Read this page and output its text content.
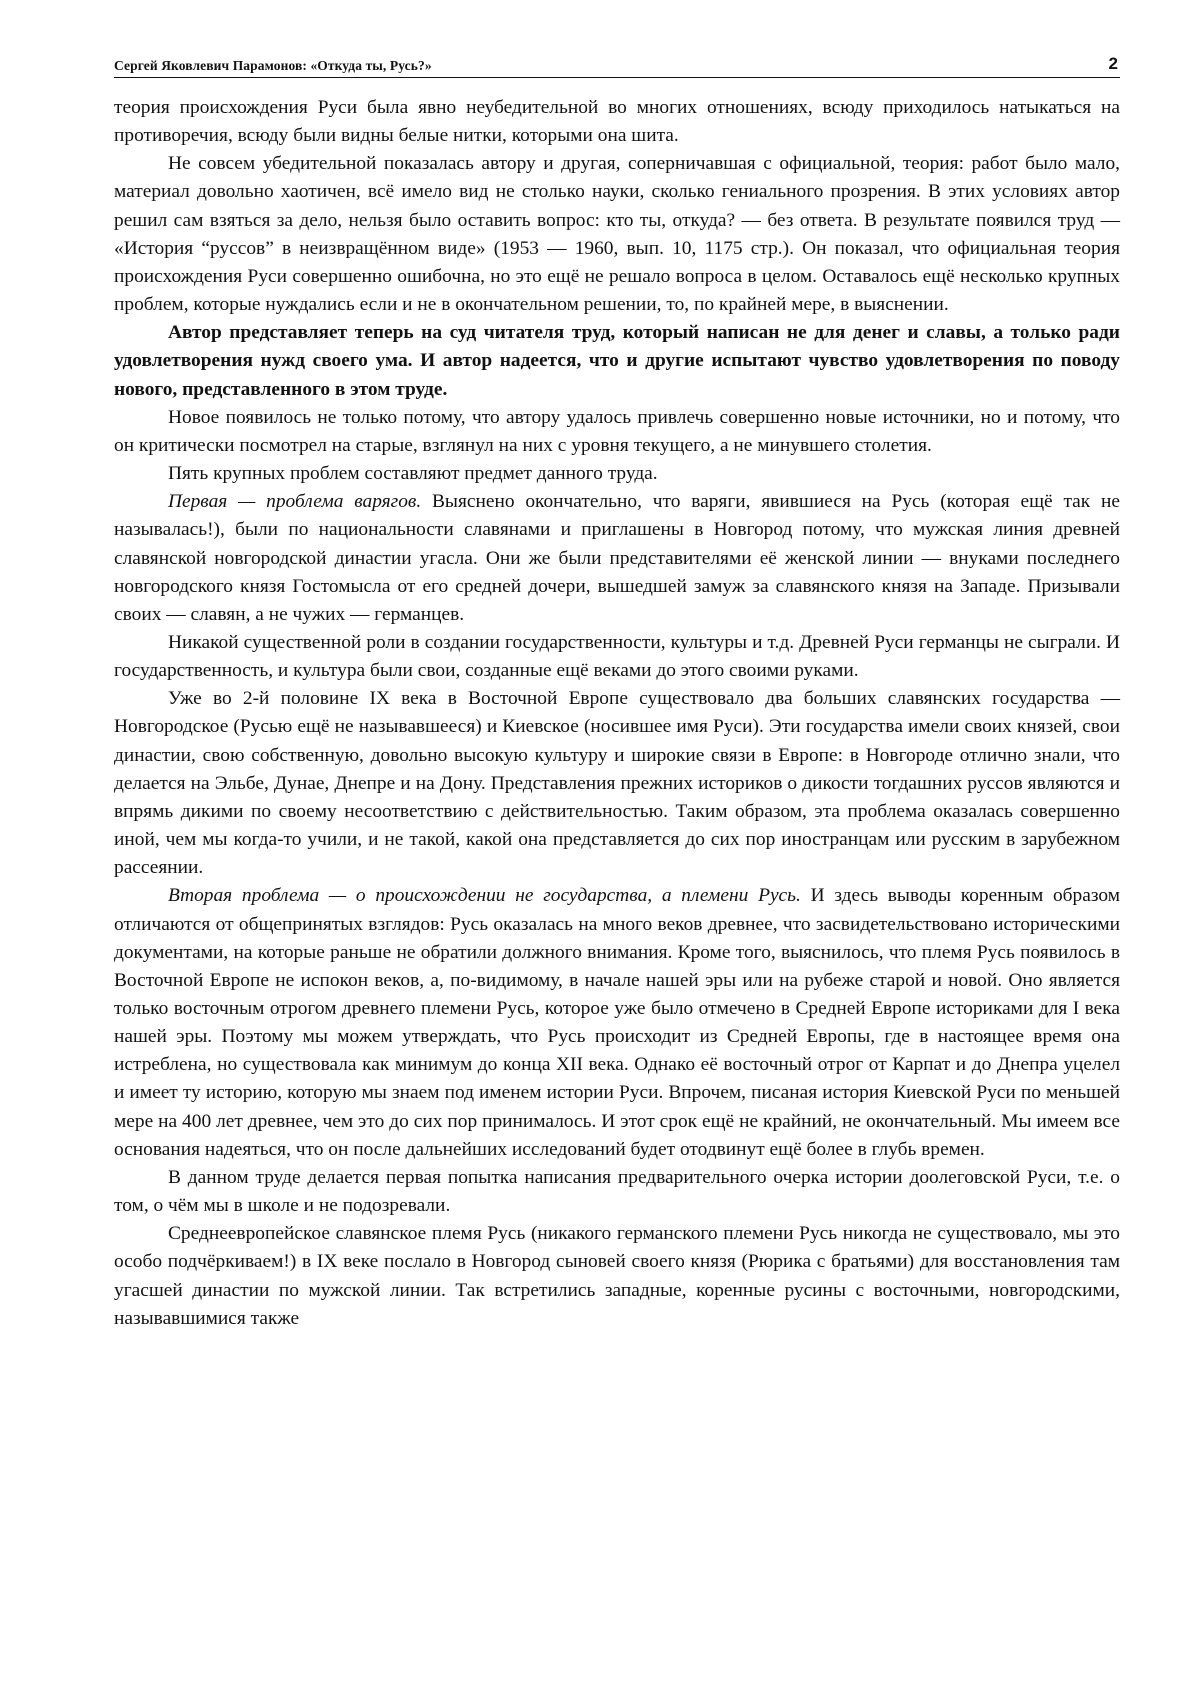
Сергей Яковлевич Парамонов: «Откуда ты, Русь?»	2

теория происхождения Руси была явно неубедительной во многих отношениях, всюду приходилось натыкаться на противоречия, всюду были видны белые нитки, которыми она шита.

Не совсем убедительной показалась автору и другая, соперничавшая с официальной, теория: работ было мало, материал довольно хаотичен, всё имело вид не столько науки, сколько гениального прозрения. В этих условиях автор решил сам взяться за дело, нельзя было оставить вопрос: кто ты, откуда? — без ответа. В результате появился труд — «История “руссов” в неизвращённом виде» (1953 — 1960, вып. 10, 1175 стр.). Он показал, что официальная теория происхождения Руси совершенно ошибочна, но это ещё не решало вопроса в целом. Оставалось ещё несколько крупных проблем, которые нуждались если и не в окончательном решении, то, по крайней мере, в выяснении.

Автор представляет теперь на суд читателя труд, который написан не для денег и славы, а только ради удовлетворения нужд своего ума. И автор надеется, что и другие испытают чувство удовлетворения по поводу нового, представленного в этом труде.

Новое появилось не только потому, что автору удалось привлечь совершенно новые источники, но и потому, что он критически посмотрел на старые, взглянул на них с уровня текущего, а не минувшего столетия.

Пять крупных проблем составляют предмет данного труда.

Первая — проблема варягов. Выяснено окончательно, что варяги, явившиеся на Русь (которая ещё так не называлась!), были по национальности славянами и приглашены в Новгород потому, что мужская линия древней славянской новгородской династии угасла. Они же были представителями её женской линии — внуками последнего новгородского князя Гостомысла от его средней дочери, вышедшей замуж за славянского князя на Западе. Призывали своих — славян, а не чужих — германцев.

Никакой существенной роли в создании государственности, культуры и т.д. Древней Руси германцы не сыграли. И государственность, и культура были свои, созданные ещё веками до этого своими руками.

Уже во 2-й половине IX века в Восточной Европе существовало два больших славянских государства — Новгородское (Русью ещё не называвшееся) и Киевское (носившее имя Руси). Эти государства имели своих князей, свои династии, свою собственную, довольно высокую культуру и широкие связи в Европе: в Новгороде отлично знали, что делается на Эльбе, Дунае, Днепре и на Дону. Представления прежних историков о дикости тогдашних руссов являются и впрямь дикими по своему несоответствию с действительностью. Таким образом, эта проблема оказалась совершенно иной, чем мы когда-то учили, и не такой, какой она представляется до сих пор иностранцам или русским в зарубежном рассеянии.

Вторая проблема — о происхождении не государства, а племени Русь. И здесь выводы коренным образом отличаются от общепринятых взглядов: Русь оказалась на много веков древнее, что засвидетельствовано историческими документами, на которые раньше не обратили должного внимания. Кроме того, выяснилось, что племя Русь появилось в Восточной Европе не испокон веков, а, по-видимому, в начале нашей эры или на рубеже старой и новой. Оно является только восточным отрогом древнего племени Русь, которое уже было отмечено в Средней Европе историками для I века нашей эры. Поэтому мы можем утверждать, что Русь происходит из Средней Европы, где в настоящее время она истреблена, но существовала как минимум до конца XII века. Однако её восточный отрог от Карпат и до Днепра уцелел и имеет ту историю, которую мы знаем под именем истории Руси. Впрочем, писаная история Киевской Руси по меньшей мере на 400 лет древнее, чем это до сих пор принималось. И этот срок ещё не крайний, не окончательный. Мы имеем все основания надеяться, что он после дальнейших исследований будет отодвинут ещё более в глубь времен.

В данном труде делается первая попытка написания предварительного очерка истории доолеговской Руси, т.е. о том, о чём мы в школе и не подозревали.

Среднеевропейское славянское племя Русь (никакого германского племени Русь никогда не существовало, мы это особо подчёркиваем!) в IX веке послало в Новгород сыновей своего князя (Рюрика с братьями) для восстановления там угасшей династии по мужской линии. Так встретились западные, коренные русины с восточными, новгородскими, называвшимися также
